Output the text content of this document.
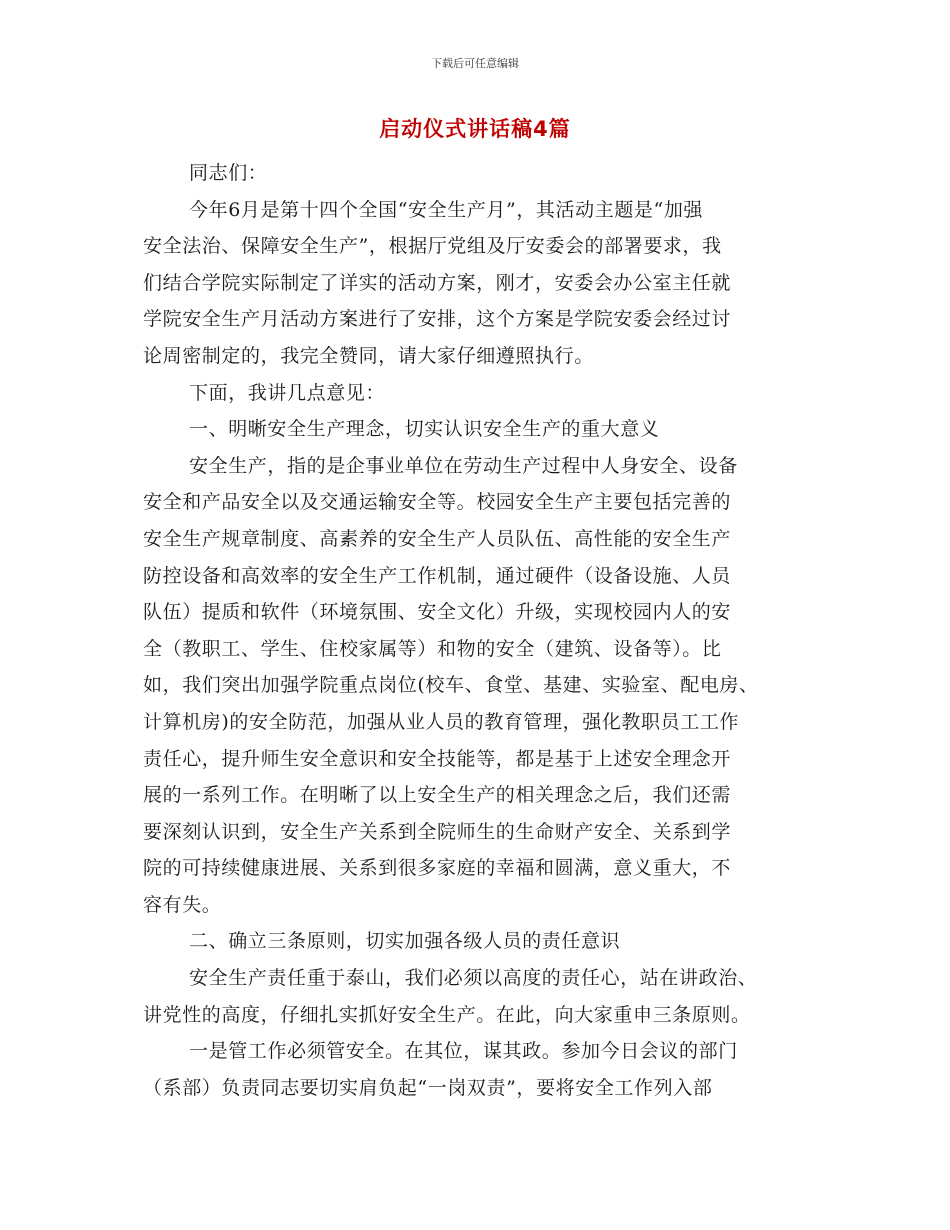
下载后可任意编辑
启动仪式讲话稿4篇
同志们：
今年6月是第十四个全国“安全生产月”，其活动主题是“加强
安全法治、保障安全生产”，根据厅党组及厅安委会的部署要求，我
们结合学院实际制定了详实的活动方案，刚才，安委会办公室主任就
学院安全生产月活动方案进行了安排，这个方案是学院安委会经过讨
论周密制定的，我完全赞同，请大家仔细遵照执行。
下面，我讲几点意见：
一、明晰安全生产理念，切实认识安全生产的重大意义
安全生产，指的是企事业单位在劳动生产过程中人身安全、设备
安全和产品安全以及交通运输安全等。校园安全生产主要包括完善的
安全生产规章制度、高素养的安全生产人员队伍、高性能的安全生产
防控设备和高效率的安全生产工作机制，通过硬件（设备设施、人员
队伍）提质和软件（环境氛围、安全文化）升级，实现校园内人的安
全（教职工、学生、住校家属等）和物的安全（建筑、设备等）。比
如，我们突出加强学院重点岗位(校车、食堂、基建、实验室、配电房、
计算机房)的安全防范，加强从业人员的教育管理，强化教职员工工作
责任心，提升师生安全意识和安全技能等，都是基于上述安全理念开
展的一系列工作。在明晰了以上安全生产的相关理念之后，我们还需
要深刻认识到，安全生产关系到全院师生的生命财产安全、关系到学
院的可持续健康进展、关系到很多家庭的幸福和圆满，意义重大，不
容有失。
二、确立三条原则，切实加强各级人员的责任意识
安全生产责任重于泰山，我们必须以高度的责任心，站在讲政治、
讲党性的高度，仔细扎实抓好安全生产。在此，向大家重申三条原则。
一是管工作必须管安全。在其位，谋其政。参加今日会议的部门
（系部）负责同志要切实肩负起“一岗双责”，要将安全工作列入部
